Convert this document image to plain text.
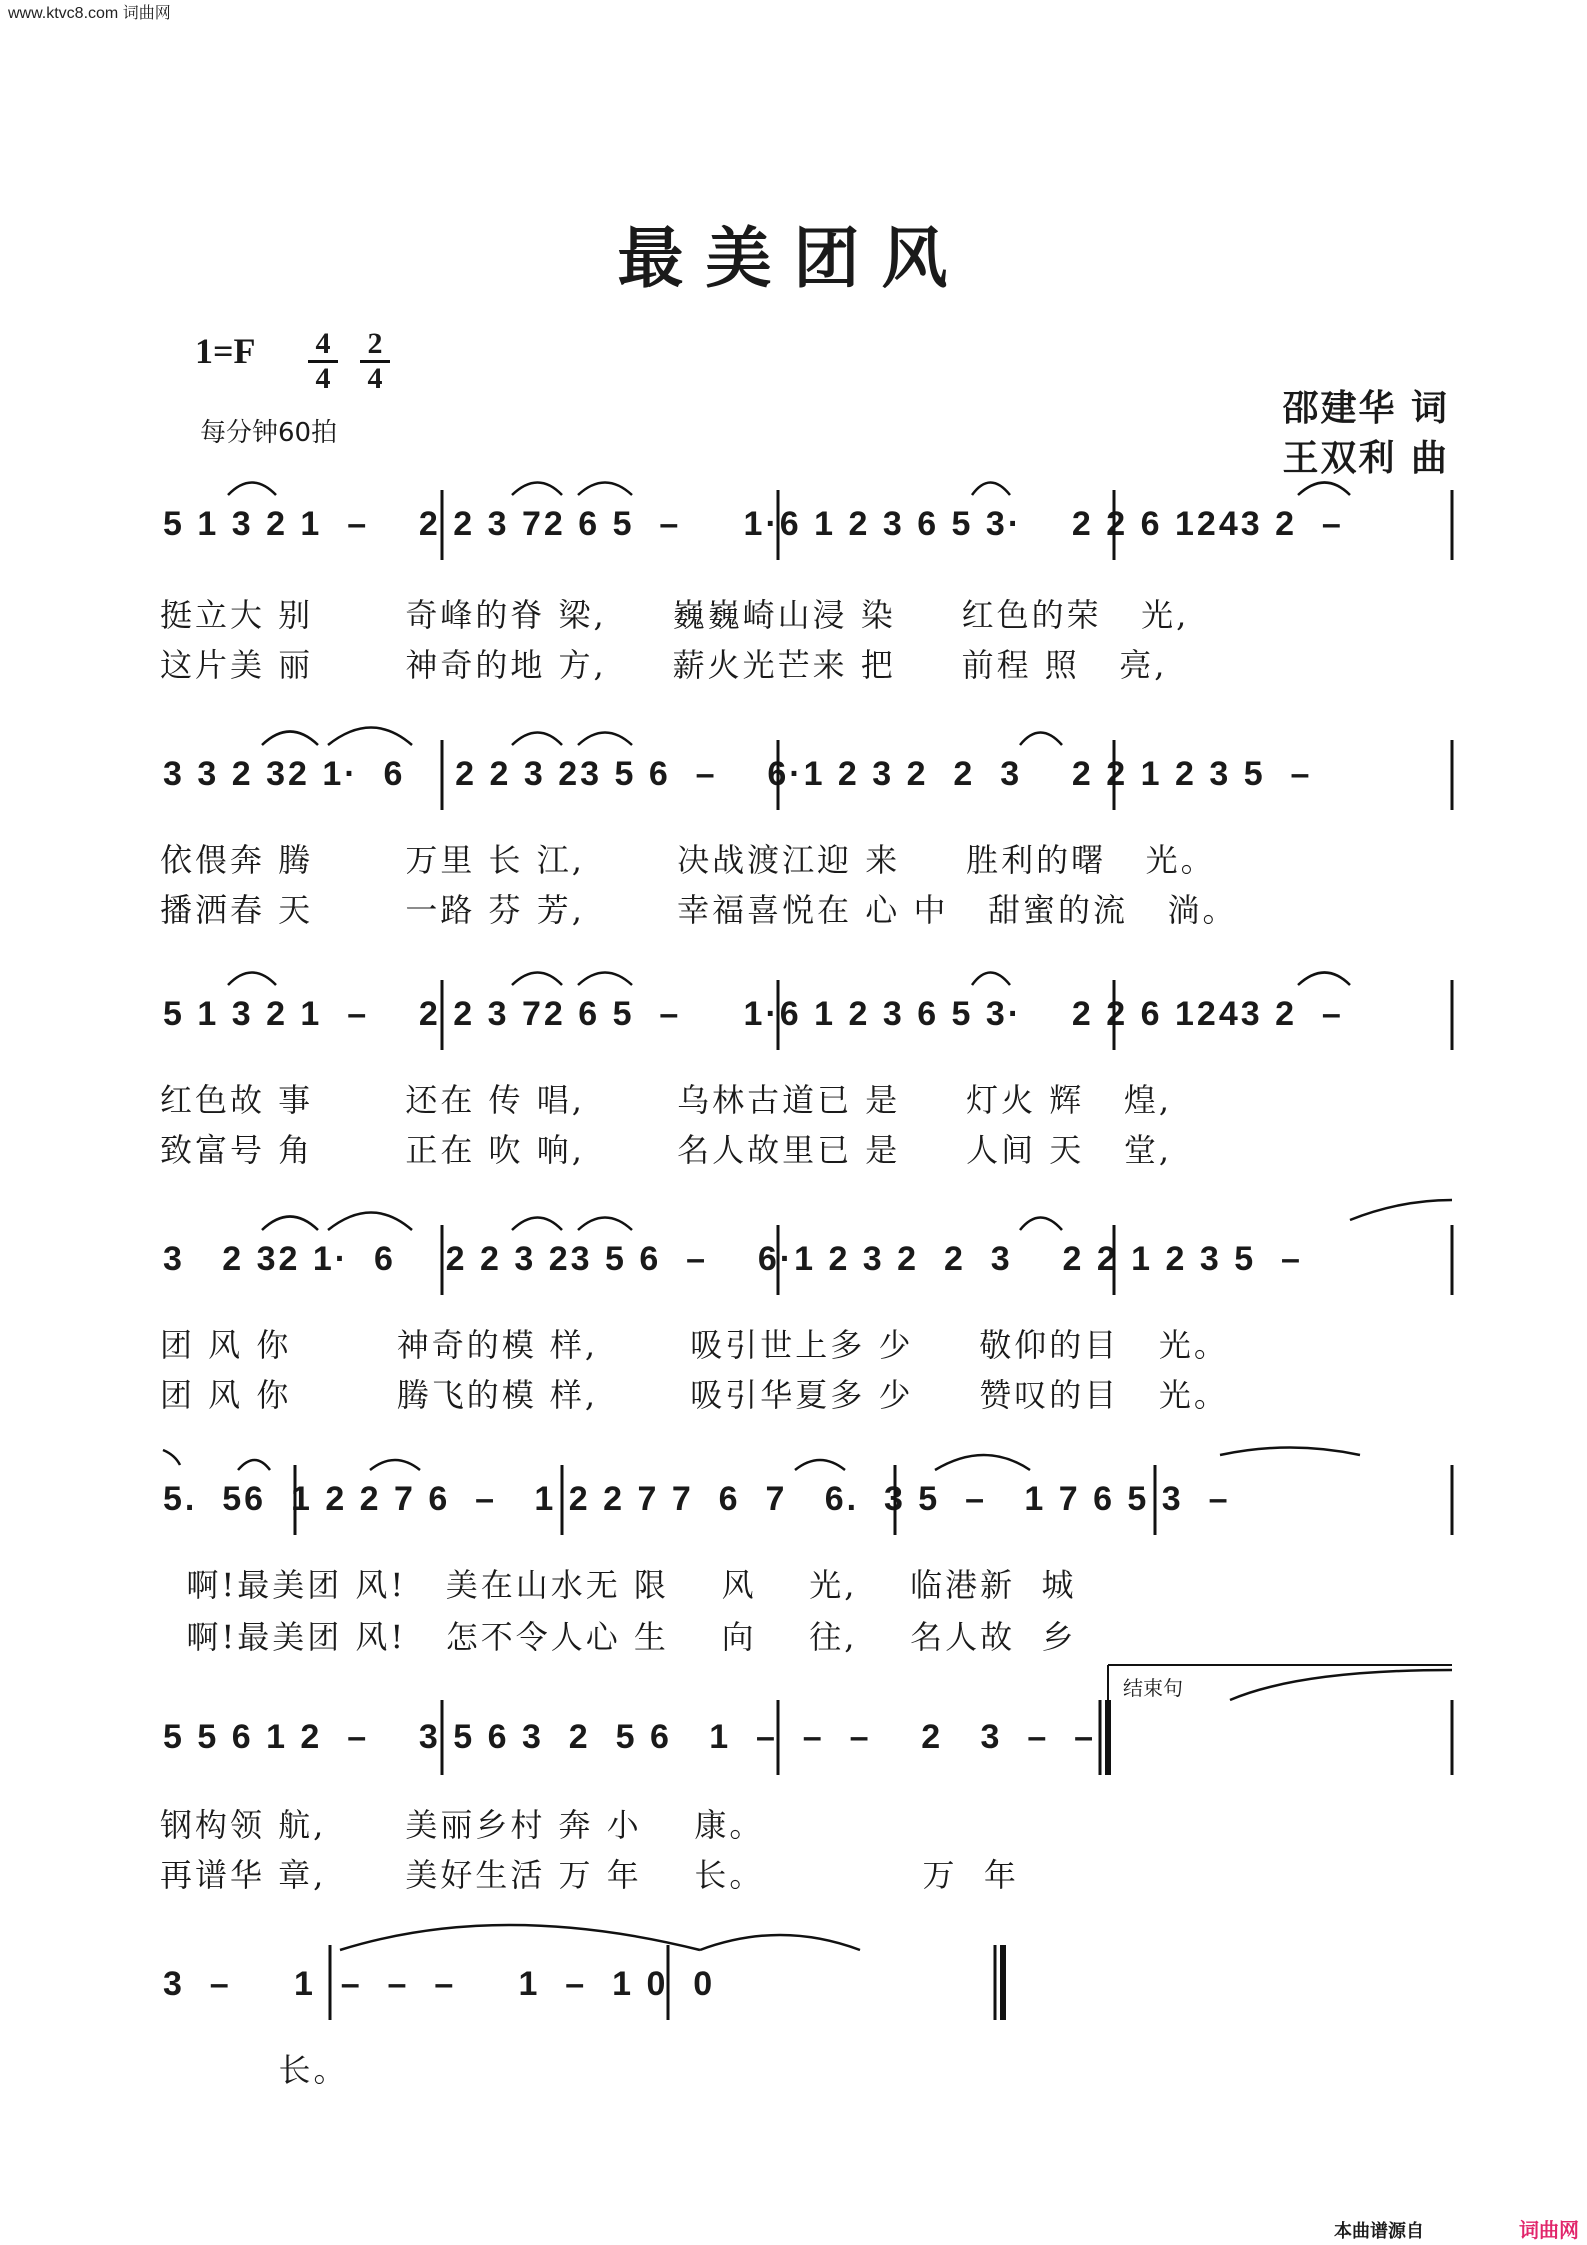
www.ktvc8.com 词曲网
最美团风
$1=F \frac{4}{4} \frac{2}{4}$
每分钟60拍
邵建华 词
王双利 曲
5 1 3 2 1  –    2 2 3 72 6 5  –     1·6 1 2 3 6 5 3·    2 2 6 1243 2  –
挺立大 别       奇峰的脊 梁,     巍巍崎山浸 染     红色的荣   光,
这片美 丽       神奇的地 方,     薪火光芒来 把     前程 照   亮,
3 3 2 32 1·  6    2 2 3 23 5 6  –    6·1 2 3 2  2  3    2 2 1 2 3 5  –
依偎奔 腾       万里 长 江,       决战渡江迎 来     胜利的曙   光。
播洒春 天       一路 芬 芳,       幸福喜悦在 心 中   甜蜜的流   淌。
5 1 3 2 1  –    2 2 3 72 6 5  –     1·6 1 2 3 6 5 3·    2 2 6 1243 2  –
红色故 事       还在 传 唱,       乌林古道已 是     灯火 辉   煌,
致富号 角       正在 吹 响,       名人故里已 是     人间 天   堂,
3   2 32 1·  6    2 2 3 23 5 6  –    6·1 2 3 2  2  3    2 2 1 2 3 5  –
团 风 你        神奇的模 样,       吸引世上多 少     敬仰的目   光。
团 风 你        腾飞的模 样,       吸引华夏多 少     赞叹的目   光。
5.  56  1 2 2 7 6  –   1 2 2 7 7  6  7   6.  3 5  –   1 7 6 5 3  –
啊!最美团 风!   美在山水无 限    风    光,    临港新  城
啊!最美团 风!   怎不令人心 生    向    往,    名人故  乡
结束句
5 5 6 1 2  –    3 5 6 3  2  5 6   1  –  –  –    2   3  –  –
钢构领 航,      美丽乡村 奔 小    康。
再谱华 章,      美好生活 万 年    长。            万  年
3  –     1  –  –  –     1  –  1 0  0
长。
本曲谱源自	词曲网
